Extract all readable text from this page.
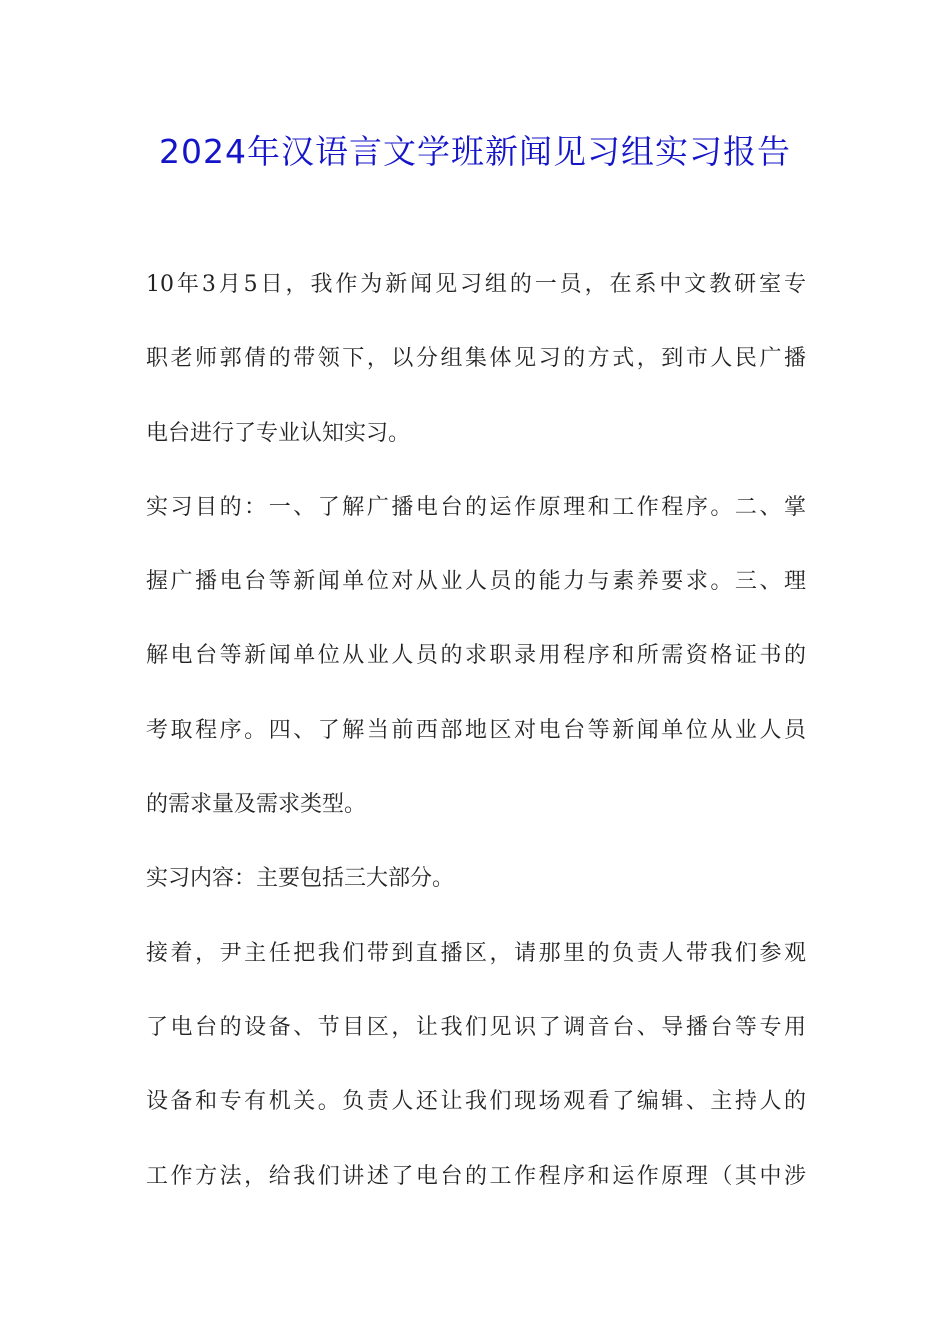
2024年汉语言文学班新闻见习组实习报告
10年3月5日，我作为新闻见习组的一员，在系中文教研室专
职老师郭倩的带领下，以分组集体见习的方式，到市人民广播
电台进行了专业认知实习。
实习目的：一、了解广播电台的运作原理和工作程序。二、掌
握广播电台等新闻单位对从业人员的能力与素养要求。三、理
解电台等新闻单位从业人员的求职录用程序和所需资格证书的
考取程序。四、了解当前西部地区对电台等新闻单位从业人员
的需求量及需求类型。
实习内容：主要包括三大部分。
接着，尹主任把我们带到直播区，请那里的负责人带我们参观
了电台的设备、节目区，让我们见识了调音台、导播台等专用
设备和专有机关。负责人还让我们现场观看了编辑、主持人的
工作方法，给我们讲述了电台的工作程序和运作原理（其中涉
